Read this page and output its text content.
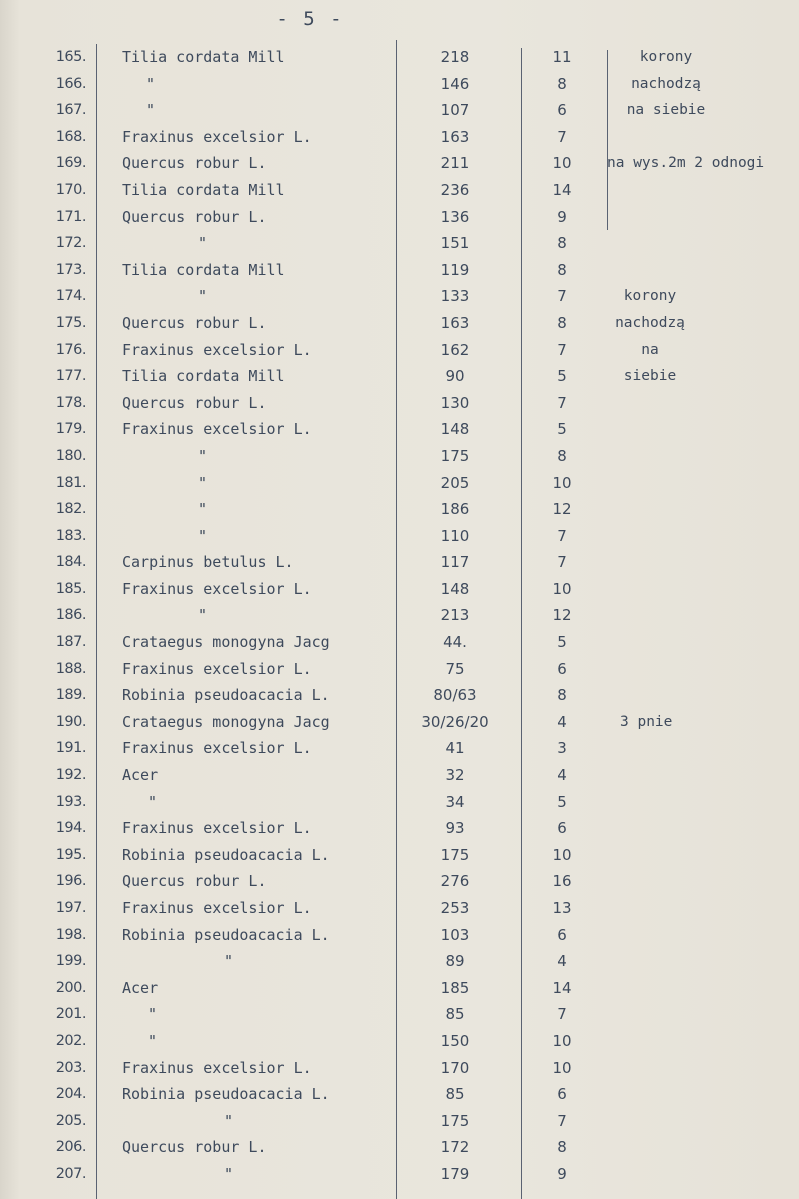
- 5 -
165. Tilia cordata Mill	218	11	korony
166.	"	146	8	nachodzą
167.	"	107	6	na siebie
168. Fraxinus excelsior L.	163	7
169. Quercus robur L.	211	10	na wys.2m 2 odnogi
170. Tilia cordata Mill	236	14
171. Quercus robur L.	136	9
172.	"	151	8
173. Tilia cordata Mill	119	8
174.	"	133	7	korony
175. Quercus robur L.	163	8	nachodzą
176. Fraxinus excelsior L.	162	7	na
177. Tilia cordata Mill	90	5	siebie
178. Quercus robur L.	130	7
179. Fraxinus excelsior L.	148	5
180.	"	175	8
181.	"	205	10
182.	"	186	12
183.	"	110	7
184. Carpinus betulus L.	117	7
185. Fraxinus excelsior L.	148	10
186.	"	213	12
187. Crataegus monogyna Jacg	44.	5
188. Fraxinus excelsior L.	75	6
189. Robinia pseudoacacia L.	80/63	8
190. Crataegus monogyna Jacg	30/26/20	4	3 pnie
191. Fraxinus excelsior L.	41	3
192. Acer	32	4
193.	"	34	5
194. Fraxinus excelsior L.	93	6
195. Robinia pseudoacacia L.	175	10
196. Quercus robur L.	276	16
197. Fraxinus excelsior L.	253	13
198. Robinia pseudoacacia L.	103	6
199.	"	89	4
200. Acer	185	14
201.	"	85	7
202.	"	150	10
203. Fraxinus excelsior L.	170	10
204. Robinia pseudoacacia L.	85	6
205.	"	175	7
206. Quercus robur L.	172	8
207.	"	179	9
